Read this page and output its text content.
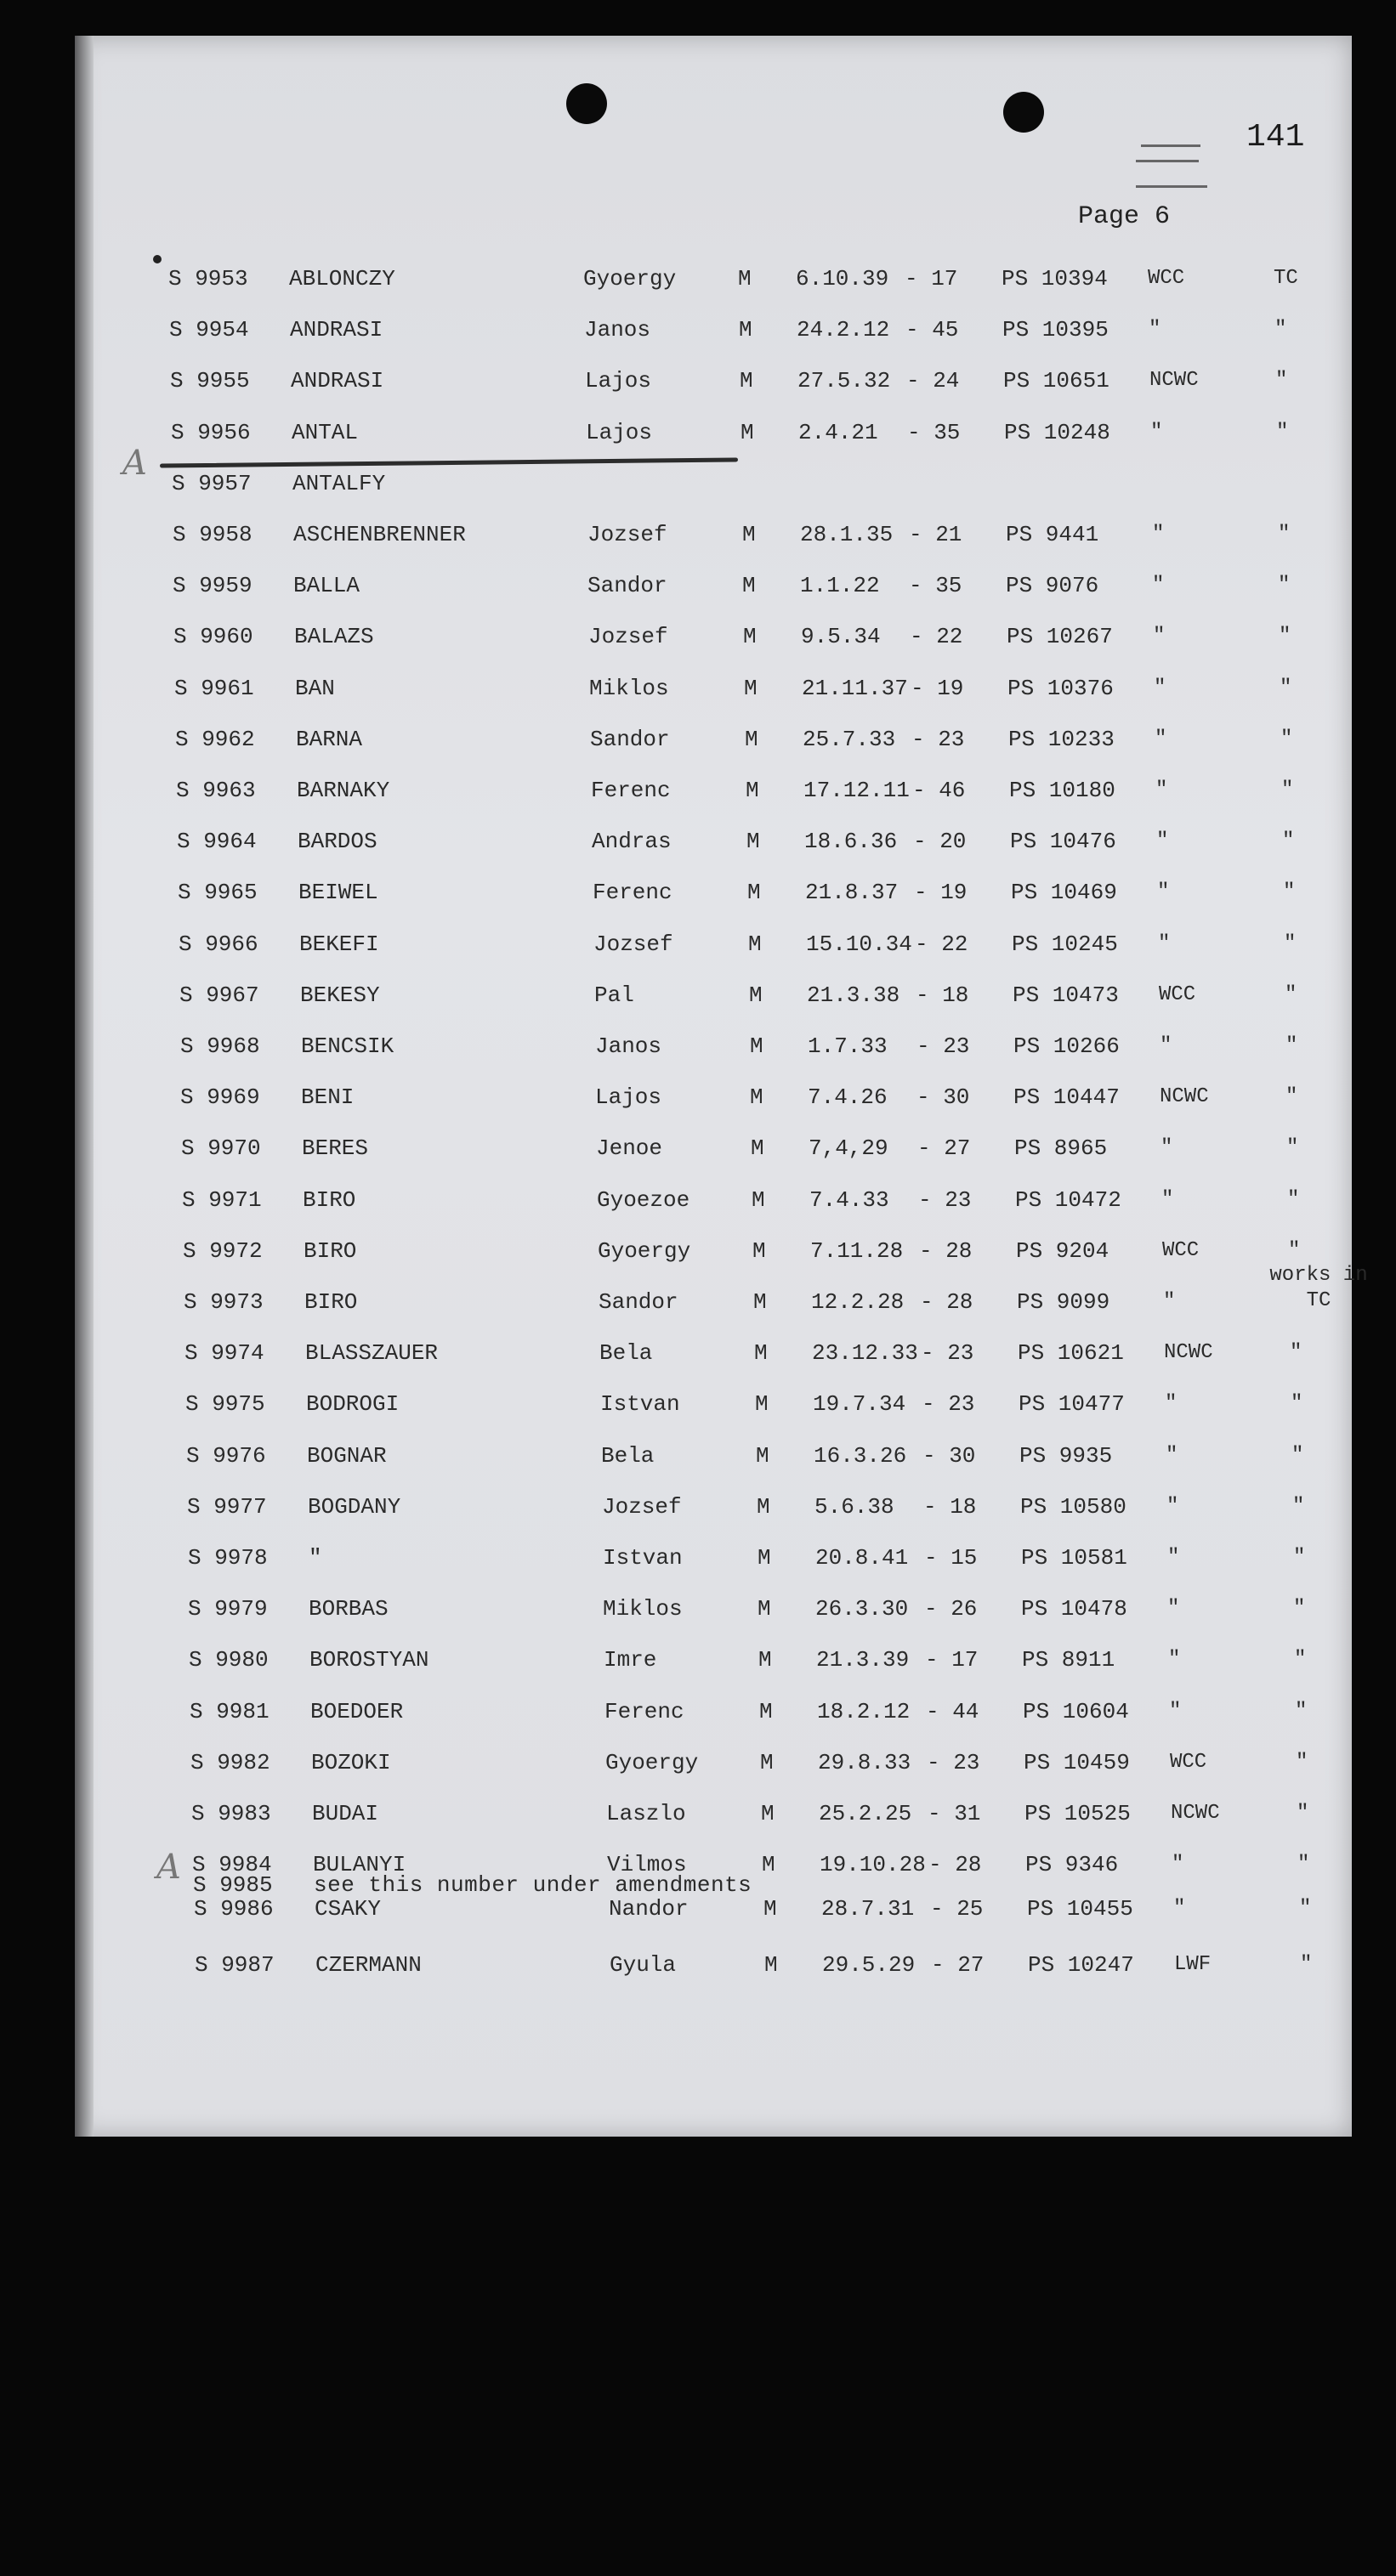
141
Page 6
S 9953 ABLONCZY	Gyoergy	M 6.10.39 - 17 PS 10394 WCC	TC
S 9954 ANDRASI	Janos	M 24.2.12 - 45 PS 10395 "	"
S 9955 ANDRASI	Lajos	M 27.5.32 - 24 PS 10651 NCWC	"
S 9956 ANTAL	Lajos	M 2.4.21 - 35 PS 10248 "	"
S 9957 ANTALFY
S 9958 ASCHENBRENNER	Jozsef	M 28.1.35 - 21 PS 9441	"	"
S 9959 BALLA	Sandor	M 1.1.22 - 35 PS 9076	"	"
S 9960 BALAZS	Jozsef	M 9.5.34 - 22 PS 10267 "	"
S 9961 BAN	Miklos	M 21.11.37 - 19 PS 10376 "	"
S 9962 BARNA	Sandor	M 25.7.33 - 23 PS 10233 "	"
S 9963 BARNAKY	Ferenc	M 17.12.11 - 46 PS 10180 "	"
S 9964 BARDOS	Andras	M 18.6.36 - 20 PS 10476 "	"
S 9965 BEIWEL	Ferenc	M 21.8.37 - 19 PS 10469 "	"
S 9966 BEKEFI	Jozsef	M 15.10.34 - 22 PS 10245 "	"
S 9967 BEKESY	Pal	M 21.3.38 - 18 PS 10473 WCC	"
S 9968 BENCSIK	Janos	M 1.7.33 - 23 PS 10266 "	"
S 9969 BENI	Lajos	M 7.4.26 - 30 PS 10447 NCWC	"
S 9970 BERES	Jenoe	M 7,4,29 - 27 PS 8965	"	"
S 9971 BIRO	Gyoezoe	M 7.4.33 - 23 PS 10472 "	"
S 9972 BIRO	Gyoergy	M 7.11.28 - 28 PS 9204	WCC	"
S 9973 BIRO	Sandor	M 12.2.28 - 28 PS 9099	"
works in TC
S 9974 BLASSZAUER	Bela	M 23.12.33 - 23 PS 10621 NCWC	"
S 9975 BODROGI	Istvan	M 19.7.34 - 23 PS 10477 "	"
S 9976 BOGNAR	Bela	M 16.3.26 - 30 PS 9935	"	"
S 9977 BOGDANY	Jozsef	M 5.6.38 - 18 PS 10580 "	"
S 9978 "	Istvan	M 20.8.41 - 15 PS 10581 "	"
S 9979 BORBAS	Miklos	M 26.3.30 - 26 PS 10478 "	"
S 9980 BOROSTYAN	Imre	M 21.3.39 - 17 PS 8911	"	"
S 9981 BOEDOER	Ferenc	M 18.2.12 - 44 PS 10604 "	"
S 9982 BOZOKI	Gyoergy	M 29.8.33 - 23 PS 10459 WCC	"
S 9983 BUDAI	Laszlo	M 25.2.25 - 31 PS 10525 NCWC	"
S 9984 BULANYI	Vilmos	M 19.10.28 - 28 PS 9346	"	"
S 9985 see this number under amendments
S 9986 CSAKY	Nandor	M 28.7.31 - 25 PS 10455 "	"
S 9987 CZERMANN	Gyula	M 29.5.29 - 27 PS 10247 LWF	"
A
A
